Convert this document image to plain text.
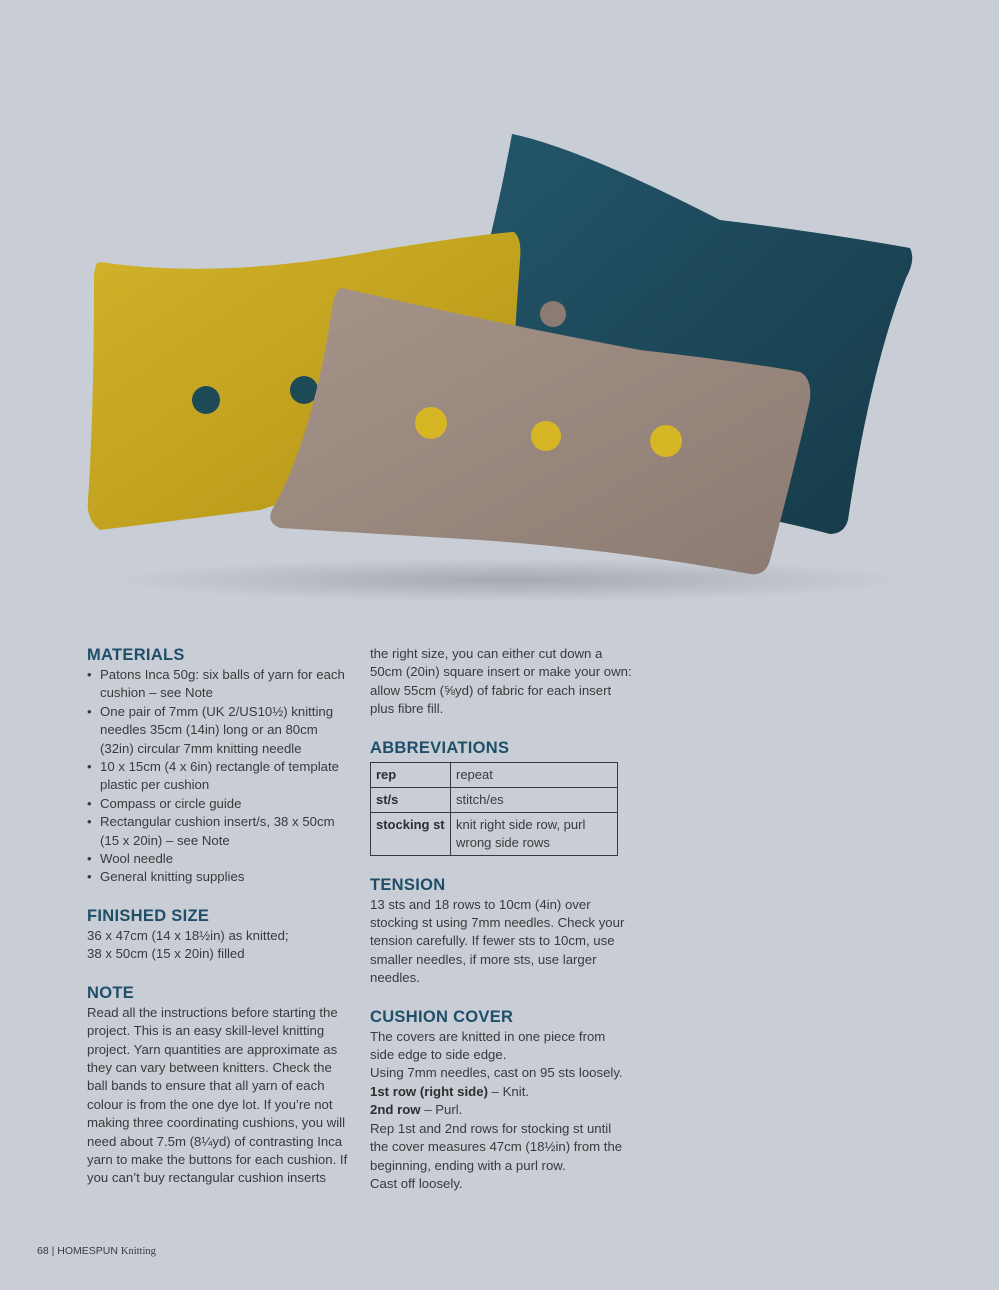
MATERIALS
• Patons Inca 50g: six balls of yarn for each cushion – see Note
• One pair of 7mm (UK 2/US10½) knitting needles 35cm (14in) long or an 80cm (32in) circular 7mm knitting needle
• 10 x 15cm (4 x 6in) rectangle of template plastic per cushion
• Compass or circle guide
• Rectangular cushion insert/s, 38 x 50cm (15 x 20in) – see Note
• Wool needle
• General knitting supplies
FINISHED SIZE
36 x 47cm (14 x 18½in) as knitted;
38 x 50cm (15 x 20in) filled
NOTE

Read all the instructions before starting the project. This is an easy skill-level knitting project. Yarn quantities are approximate as they can vary between knitters. Check the ball bands to ensure that all yarn of each colour is from the one dye lot. If you’re not making three coordinating cushions, you will need about 7.5m (8¼yd) of contrasting Inca yarn to make the buttons for each cushion. If you can’t buy rectangular cushion inserts

the right size, you can either cut down a 50cm (20in) square insert or make your own: allow 55cm (⅝yd) of fabric for each insert plus fibre fill.

ABBREVIATIONS
rep	repeat
st/s	stitch/es
stocking st	knit right side row, purl wrong side rows
TENSION

13 sts and 18 rows to 10cm (4in) over stocking st using 7mm needles. Check your tension carefully. If fewer sts to 10cm, use smaller needles, if more sts, use larger needles.

CUSHION COVER

The covers are knitted in one piece from side edge to side edge.

Using 7mm needles, cast on 95 sts loosely.

1st row (right side) – Knit.

2nd row – Purl.

Rep 1st and 2nd rows for stocking st until the cover measures 47cm (18½in) from the beginning, ending with a purl row.

Cast off loosely.

68 | HOMESPUN Knitting
